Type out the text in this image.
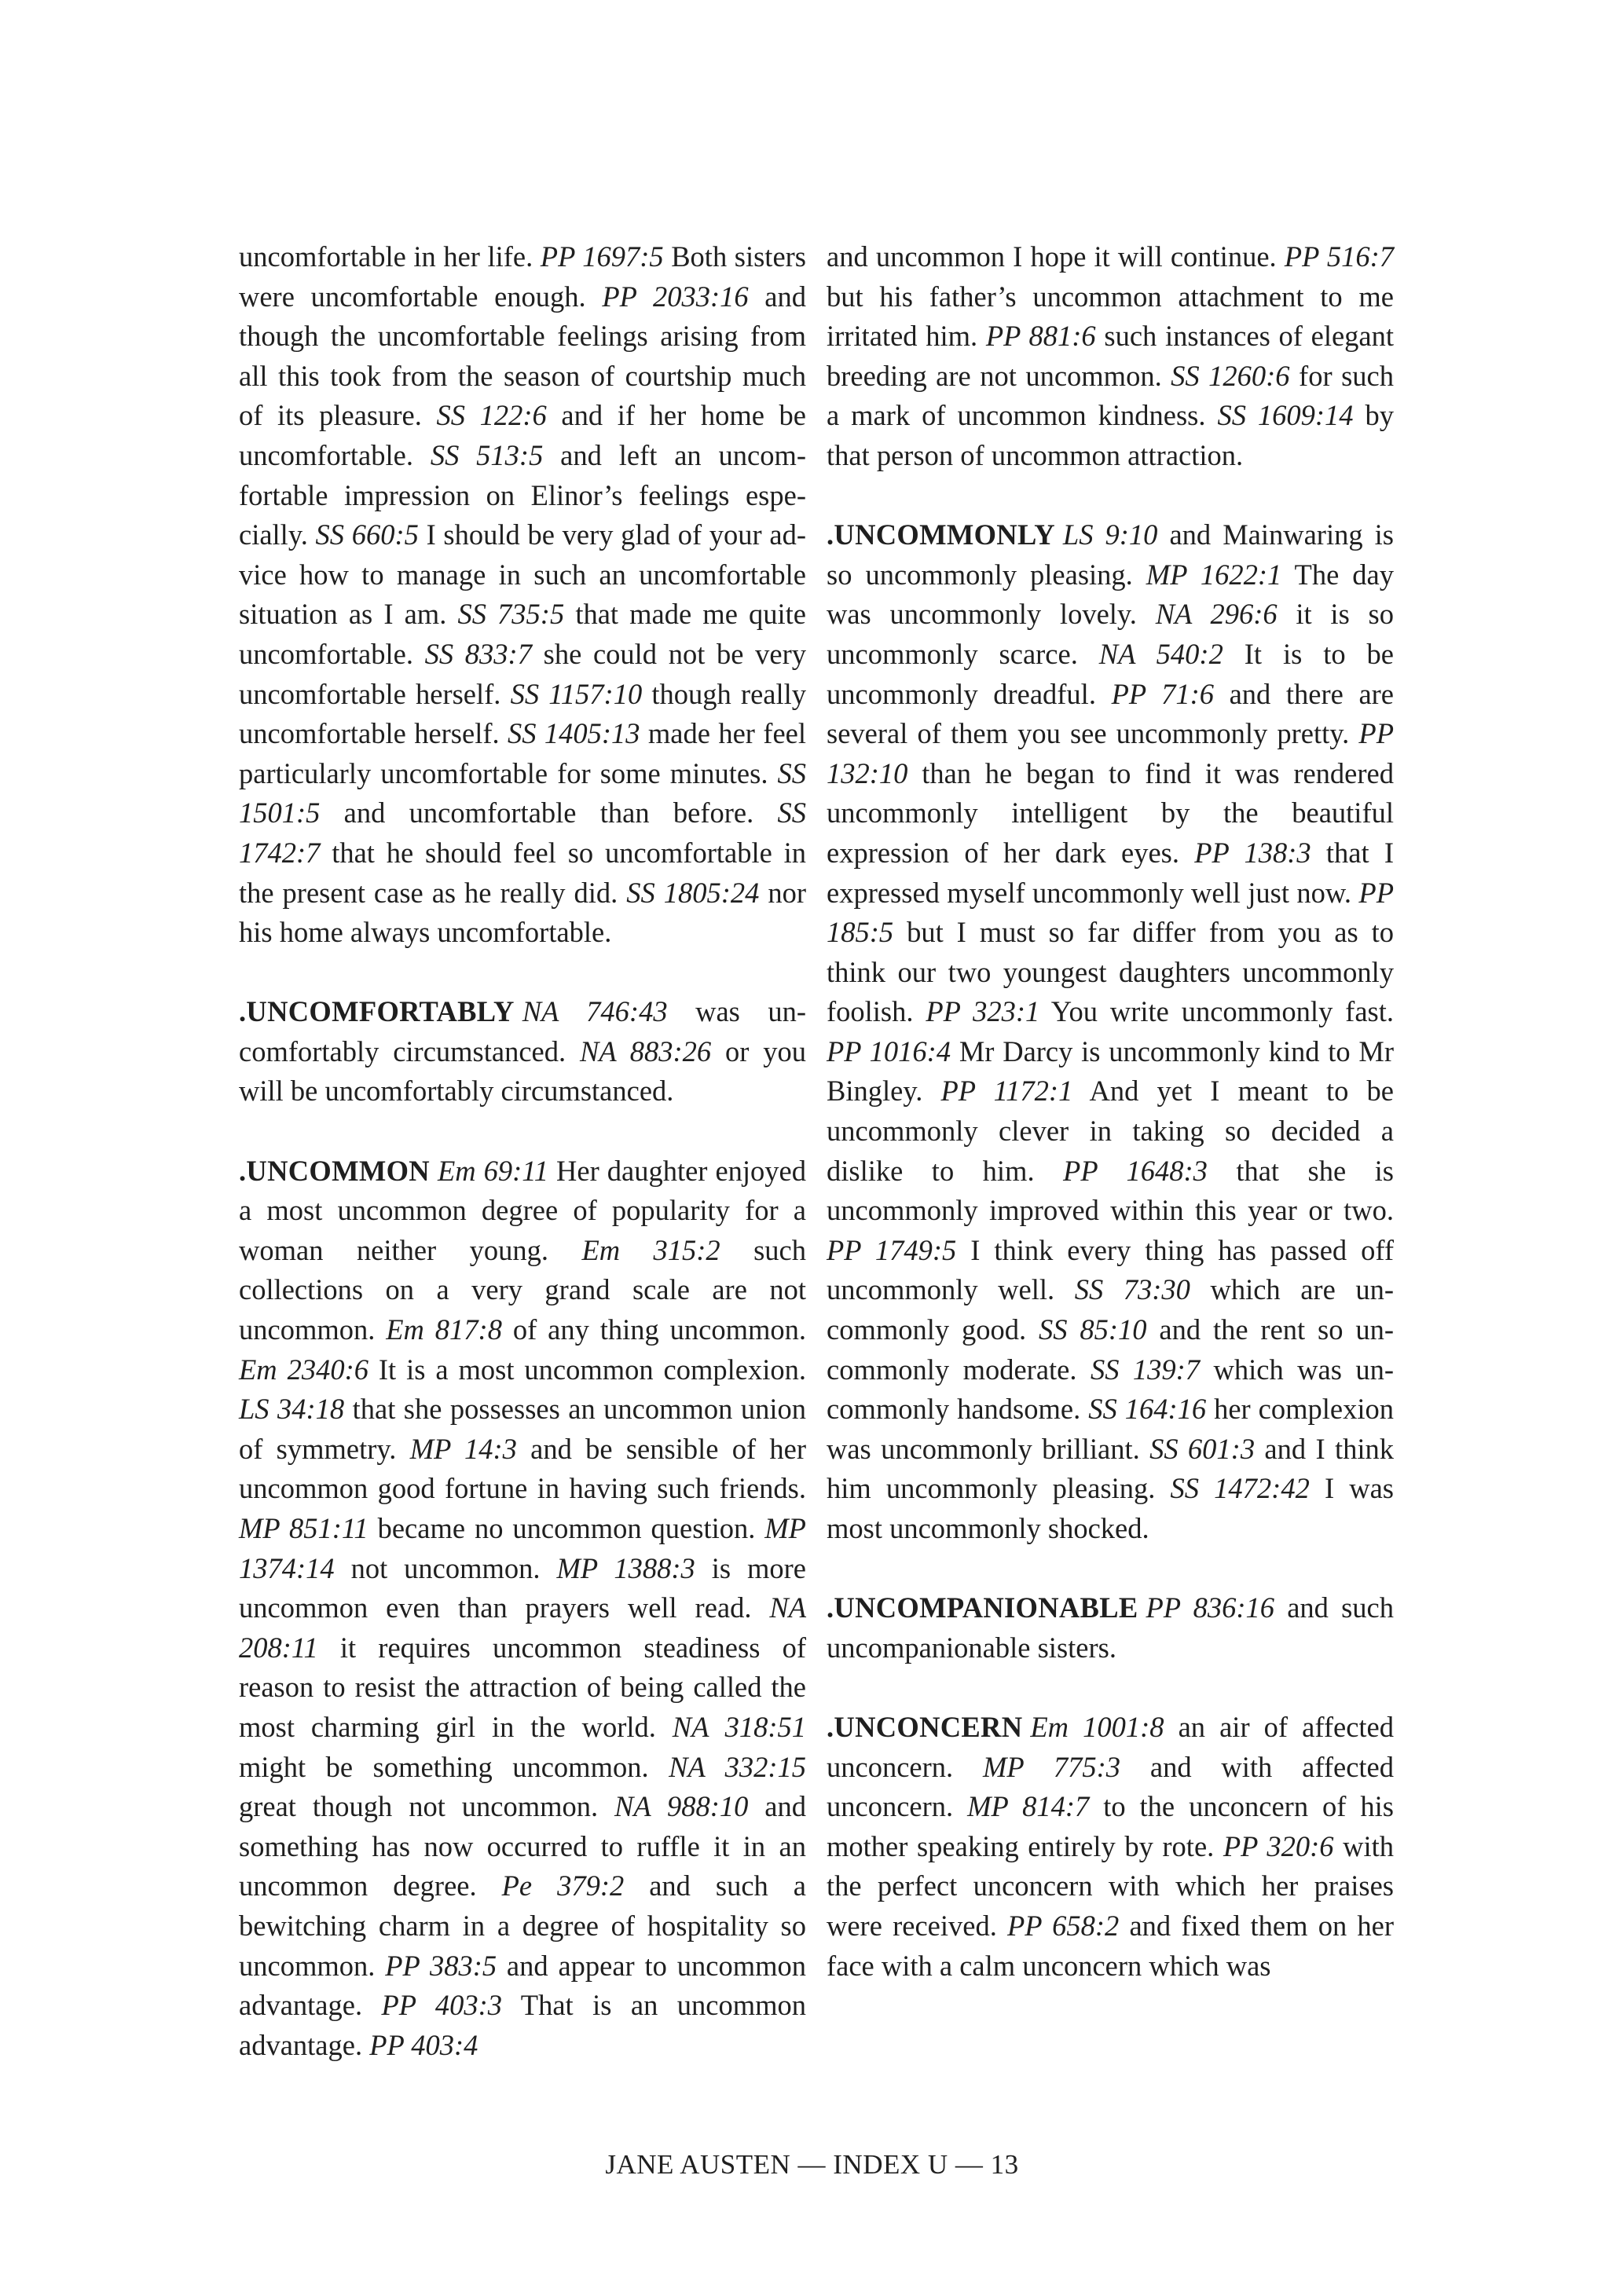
uncomfortable in her life. PP 1697:5 Both sisters were uncomfortable enough. PP 2033:16 and though the uncomfortable feelings arising from all this took from the season of courtship much of its pleasure. SS 122:6 and if her home be uncomfortable. SS 513:5 and left an uncomfortable impression on Elinor’s feelings especially. SS 660:5 I should be very glad of your advice how to manage in such an uncomfortable situation as I am. SS 735:5 that made me quite uncomfortable. SS 833:7 she could not be very uncomfortable herself. SS 1157:10 though really uncomfortable herself. SS 1405:13 made her feel particularly uncomfortable for some minutes. SS 1501:5 and uncomfortable than before. SS 1742:7 that he should feel so uncomfortable in the present case as he really did. SS 1805:24 nor his home always uncomfortable.

.UNCOMFORTABLY NA 746:43 was uncomfortably circumstanced. NA 883:26 or you will be uncomfortably circumstanced.

.UNCOMMON Em 69:11 Her daughter enjoyed a most uncommon degree of popularity for a woman neither young. Em 315:2 such collections on a very grand scale are not uncommon. Em 817:8 of any thing uncommon. Em 2340:6 It is a most uncommon complexion. LS 34:18 that she possesses an uncommon union of symmetry. MP 14:3 and be sensible of her uncommon good fortune in having such friends. MP 851:11 became no uncommon question. MP 1374:14 not uncommon. MP 1388:3 is more uncommon even than prayers well read. NA 208:11 it requires uncommon steadiness of reason to resist the attraction of being called the most charming girl in the world. NA 318:51 might be something uncommon. NA 332:15 great though not uncommon. NA 988:10 and something has now occurred to ruffle it in an uncommon degree. Pe 379:2 and such a bewitching charm in a degree of hospitality so uncommon. PP 383:5 and appear to uncommon advantage. PP 403:3 That is an uncommon advantage. PP 403:4

and uncommon I hope it will continue. PP 516:7 but his father’s uncommon attachment to me irritated him. PP 881:6 such instances of elegant breeding are not uncommon. SS 1260:6 for such a mark of uncommon kindness. SS 1609:14 by that person of uncommon attraction.

.UNCOMMONLY LS 9:10 and Mainwaring is so uncommonly pleasing. MP 1622:1 The day was uncommonly lovely. NA 296:6 it is so uncommonly scarce. NA 540:2 It is to be uncommonly dreadful. PP 71:6 and there are several of them you see uncommonly pretty. PP 132:10 than he began to find it was rendered uncommonly intelligent by the beautiful expression of her dark eyes. PP 138:3 that I expressed myself uncommonly well just now. PP 185:5 but I must so far differ from you as to think our two youngest daughters uncommonly foolish. PP 323:1 You write uncommonly fast. PP 1016:4 Mr Darcy is uncommonly kind to Mr Bingley. PP 1172:1 And yet I meant to be uncommonly clever in taking so decided a dislike to him. PP 1648:3 that she is uncommonly improved within this year or two. PP 1749:5 I think every thing has passed off uncommonly well. SS 73:30 which are uncommonly good. SS 85:10 and the rent so uncommonly moderate. SS 139:7 which was uncommonly handsome. SS 164:16 her complexion was uncommonly brilliant. SS 601:3 and I think him uncommonly pleasing. SS 1472:42 I was most uncommonly shocked.

.UNCOMPANIONABLE PP 836:16 and such uncompanionable sisters.

.UNCONCERN Em 1001:8 an air of affected unconcern. MP 775:3 and with affected unconcern. MP 814:7 to the unconcern of his mother speaking entirely by rote. PP 320:6 with the perfect unconcern with which her praises were received. PP 658:2 and fixed them on her face with a calm unconcern which was

JANE AUSTEN — INDEX U — 13
